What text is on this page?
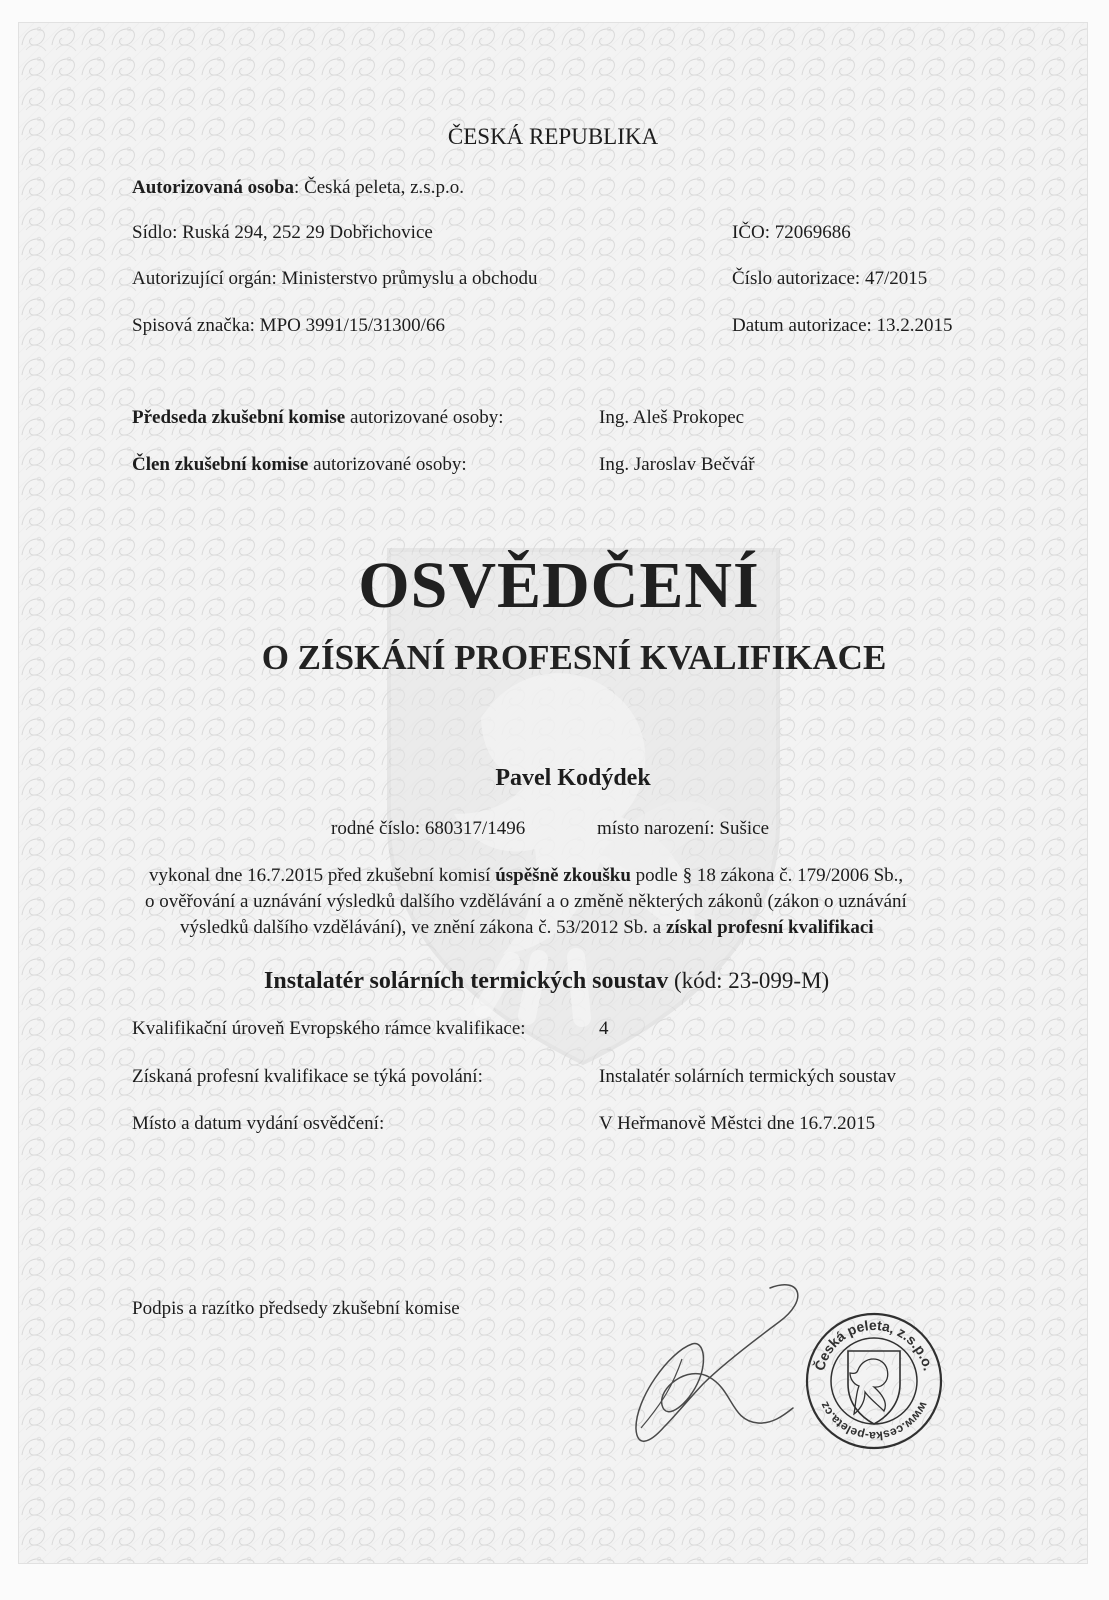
ČESKÁ REPUBLIKA
Autorizovaná osoba: Česká peleta, z.s.p.o.
Sídlo: Ruská 294, 252 29 Dobřichovice	IČO: 72069686
Autorizující orgán: Ministerstvo průmyslu a obchodu	Číslo autorizace: 47/2015
Spisová značka: MPO 3991/15/31300/66	Datum autorizace: 13.2.2015
Předseda zkušební komise autorizované osoby:	Ing. Aleš Prokopec
Člen zkušební komise autorizované osoby:	Ing. Jaroslav Bečvář
OSVĚDČENÍ
O ZÍSKÁNÍ PROFESNÍ KVALIFIKACE
Pavel Kodýdek
rodné číslo: 680317/1496	místo narození: Sušice
vykonal dne 16.7.2015 před zkušební komisí úspěšně zkoušku podle § 18 zákona č. 179/2006 Sb.,
o ověřování a uznávání výsledků dalšího vzdělávání a o změně některých zákonů (zákon o uznávání
výsledků dalšího vzdělávání), ve znění zákona č. 53/2012 Sb. a získal profesní kvalifikaci
Instalatér solárních termických soustav (kód: 23-099-M)
Kvalifikační úroveň Evropského rámce kvalifikace:	4
Získaná profesní kvalifikace se týká povolání:	Instalatér solárních termických soustav
Místo a datum vydání osvědčení:	V Heřmanově Městci dne 16.7.2015
Podpis a razítko předsedy zkušební komise
Česká peleta, z.s.p.o.
www.ceska-peleta.cz
